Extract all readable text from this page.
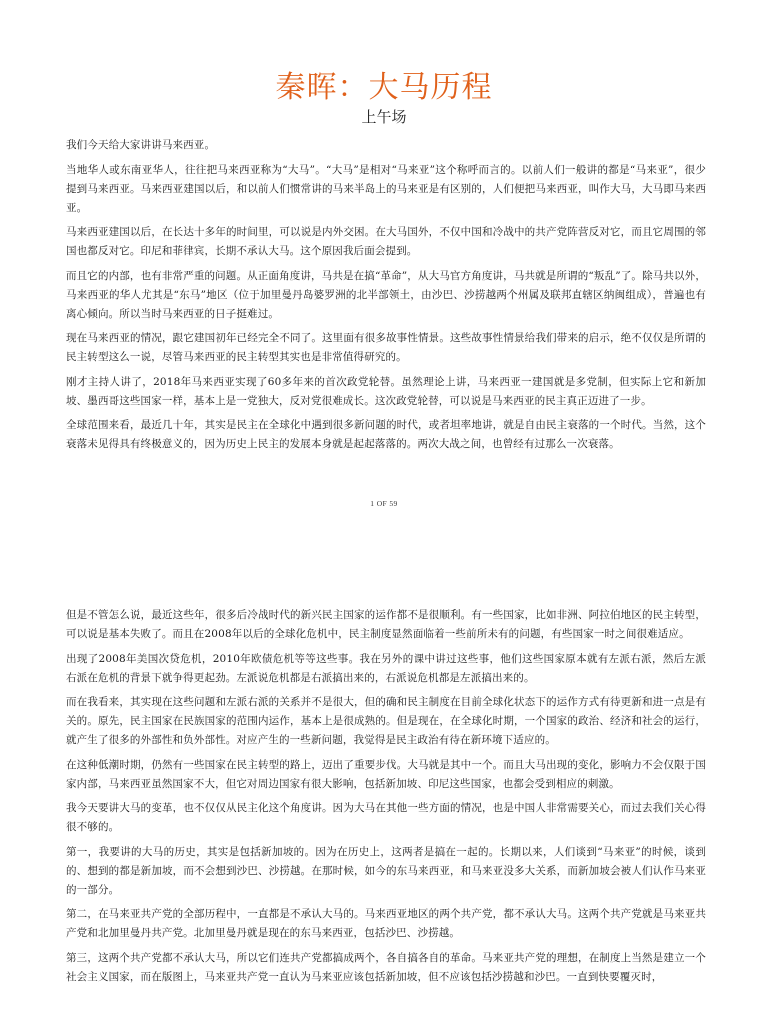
秦晖：大马历程
上午场

我们今天给大家讲讲马来西亚。

当地华人或东南亚华人，往往把马来西亚称为“大马”。“大马”是相对“马来亚”这个称呼而言的。以前人们一般讲的都是“马来亚”，很少提到马来西亚。马来西亚建国以后，和以前人们惯常讲的马来半岛上的马来亚是有区别的，人们便把马来西亚，叫作大马，大马即马来西亚。

马来西亚建国以后，在长达十多年的时间里，可以说是内外交困。在大马国外，不仅中国和冷战中的共产党阵营反对它，而且它周围的邻国也都反对它。印尼和菲律宾，长期不承认大马。这个原因我后面会提到。

而且它的内部，也有非常严重的问题。从正面角度讲，马共是在搞“革命”，从大马官方角度讲，马共就是所谓的“叛乱”了。除马共以外，马来西亚的华人尤其是“东马”地区（位于加里曼丹岛婆罗洲的北半部领土，由沙巴、沙捞越两个州属及联邦直辖区纳闽组成），普遍也有离心倾向。所以当时马来西亚的日子挺难过。

现在马来西亚的情况，跟它建国初年已经完全不同了。这里面有很多故事性情景。这些故事性情景给我们带来的启示，绝不仅仅是所谓的民主转型这么一说，尽管马来西亚的民主转型其实也是非常值得研究的。

刚才主持人讲了，2018年马来西亚实现了60多年来的首次政党轮替。虽然理论上讲，马来西亚一建国就是多党制，但实际上它和新加坡、墨西哥这些国家一样，基本上是一党独大，反对党很难成长。这次政党轮替，可以说是马来西亚的民主真正迈进了一步。

全球范围来看，最近几十年，其实是民主在全球化中遇到很多新问题的时代，或者坦率地讲，就是自由民主衰落的一个时代。当然，这个衰落未见得具有终极意义的，因为历史上民主的发展本身就是起起落落的。两次大战之间，也曾经有过那么一次衰落。

1 OF 59

但是不管怎么说，最近这些年，很多后冷战时代的新兴民主国家的运作都不是很顺利。有一些国家，比如非洲、阿拉伯地区的民主转型，可以说是基本失败了。而且在2008年以后的全球化危机中，民主制度显然面临着一些前所未有的问题，有些国家一时之间很难适应。

出现了2008年美国次贷危机，2010年欧债危机等等这些事。我在另外的课中讲过这些事，他们这些国家原本就有左派右派，然后左派右派在危机的背景下就争得更起劲。左派说危机都是右派搞出来的，右派说危机都是左派搞出来的。

而在我看来，其实现在这些问题和左派右派的关系并不是很大，但的确和民主制度在目前全球化状态下的运作方式有待更新和进一点是有关的。原先，民主国家在民族国家的范围内运作，基本上是很成熟的。但是现在，在全球化时期，一个国家的政治、经济和社会的运行，就产生了很多的外部性和负外部性。对应产生的一些新问题，我觉得是民主政治有待在新环境下适应的。

在这种低潮时期，仍然有一些国家在民主转型的路上，迈出了重要步伐。大马就是其中一个。而且大马出现的变化，影响力不会仅限于国家内部，马来西亚虽然国家不大，但它对周边国家有很大影响，包括新加坡、印尼这些国家，也都会受到相应的刺激。

我今天要讲大马的变革，也不仅仅从民主化这个角度讲。因为大马在其他一些方面的情况，也是中国人非常需要关心，而过去我们关心得很不够的。

第一，我要讲的大马的历史，其实是包括新加坡的。因为在历史上，这两者是搞在一起的。长期以来，人们谈到“马来亚”的时候，谈到的、想到的都是新加坡，而不会想到沙巴、沙捞越。在那时候，如今的东马来西亚，和马来亚没多大关系，而新加坡会被人们认作马来亚的一部分。

第二，在马来亚共产党的全部历程中，一直都是不承认大马的。马来西亚地区的两个共产党，都不承认大马。这两个共产党就是马来亚共产党和北加里曼丹共产党。北加里曼丹就是现在的东马来西亚，包括沙巴、沙捞越。

第三，这两个共产党都不承认大马，所以它们连共产党都搞成两个，各自搞各自的革命。马来亚共产党的理想，在制度上当然是建立一个社会主义国家，而在版图上，马来亚共产党一直认为马来亚应该包括新加坡，但不应该包括沙捞越和沙巴。一直到快要覆灭时，
